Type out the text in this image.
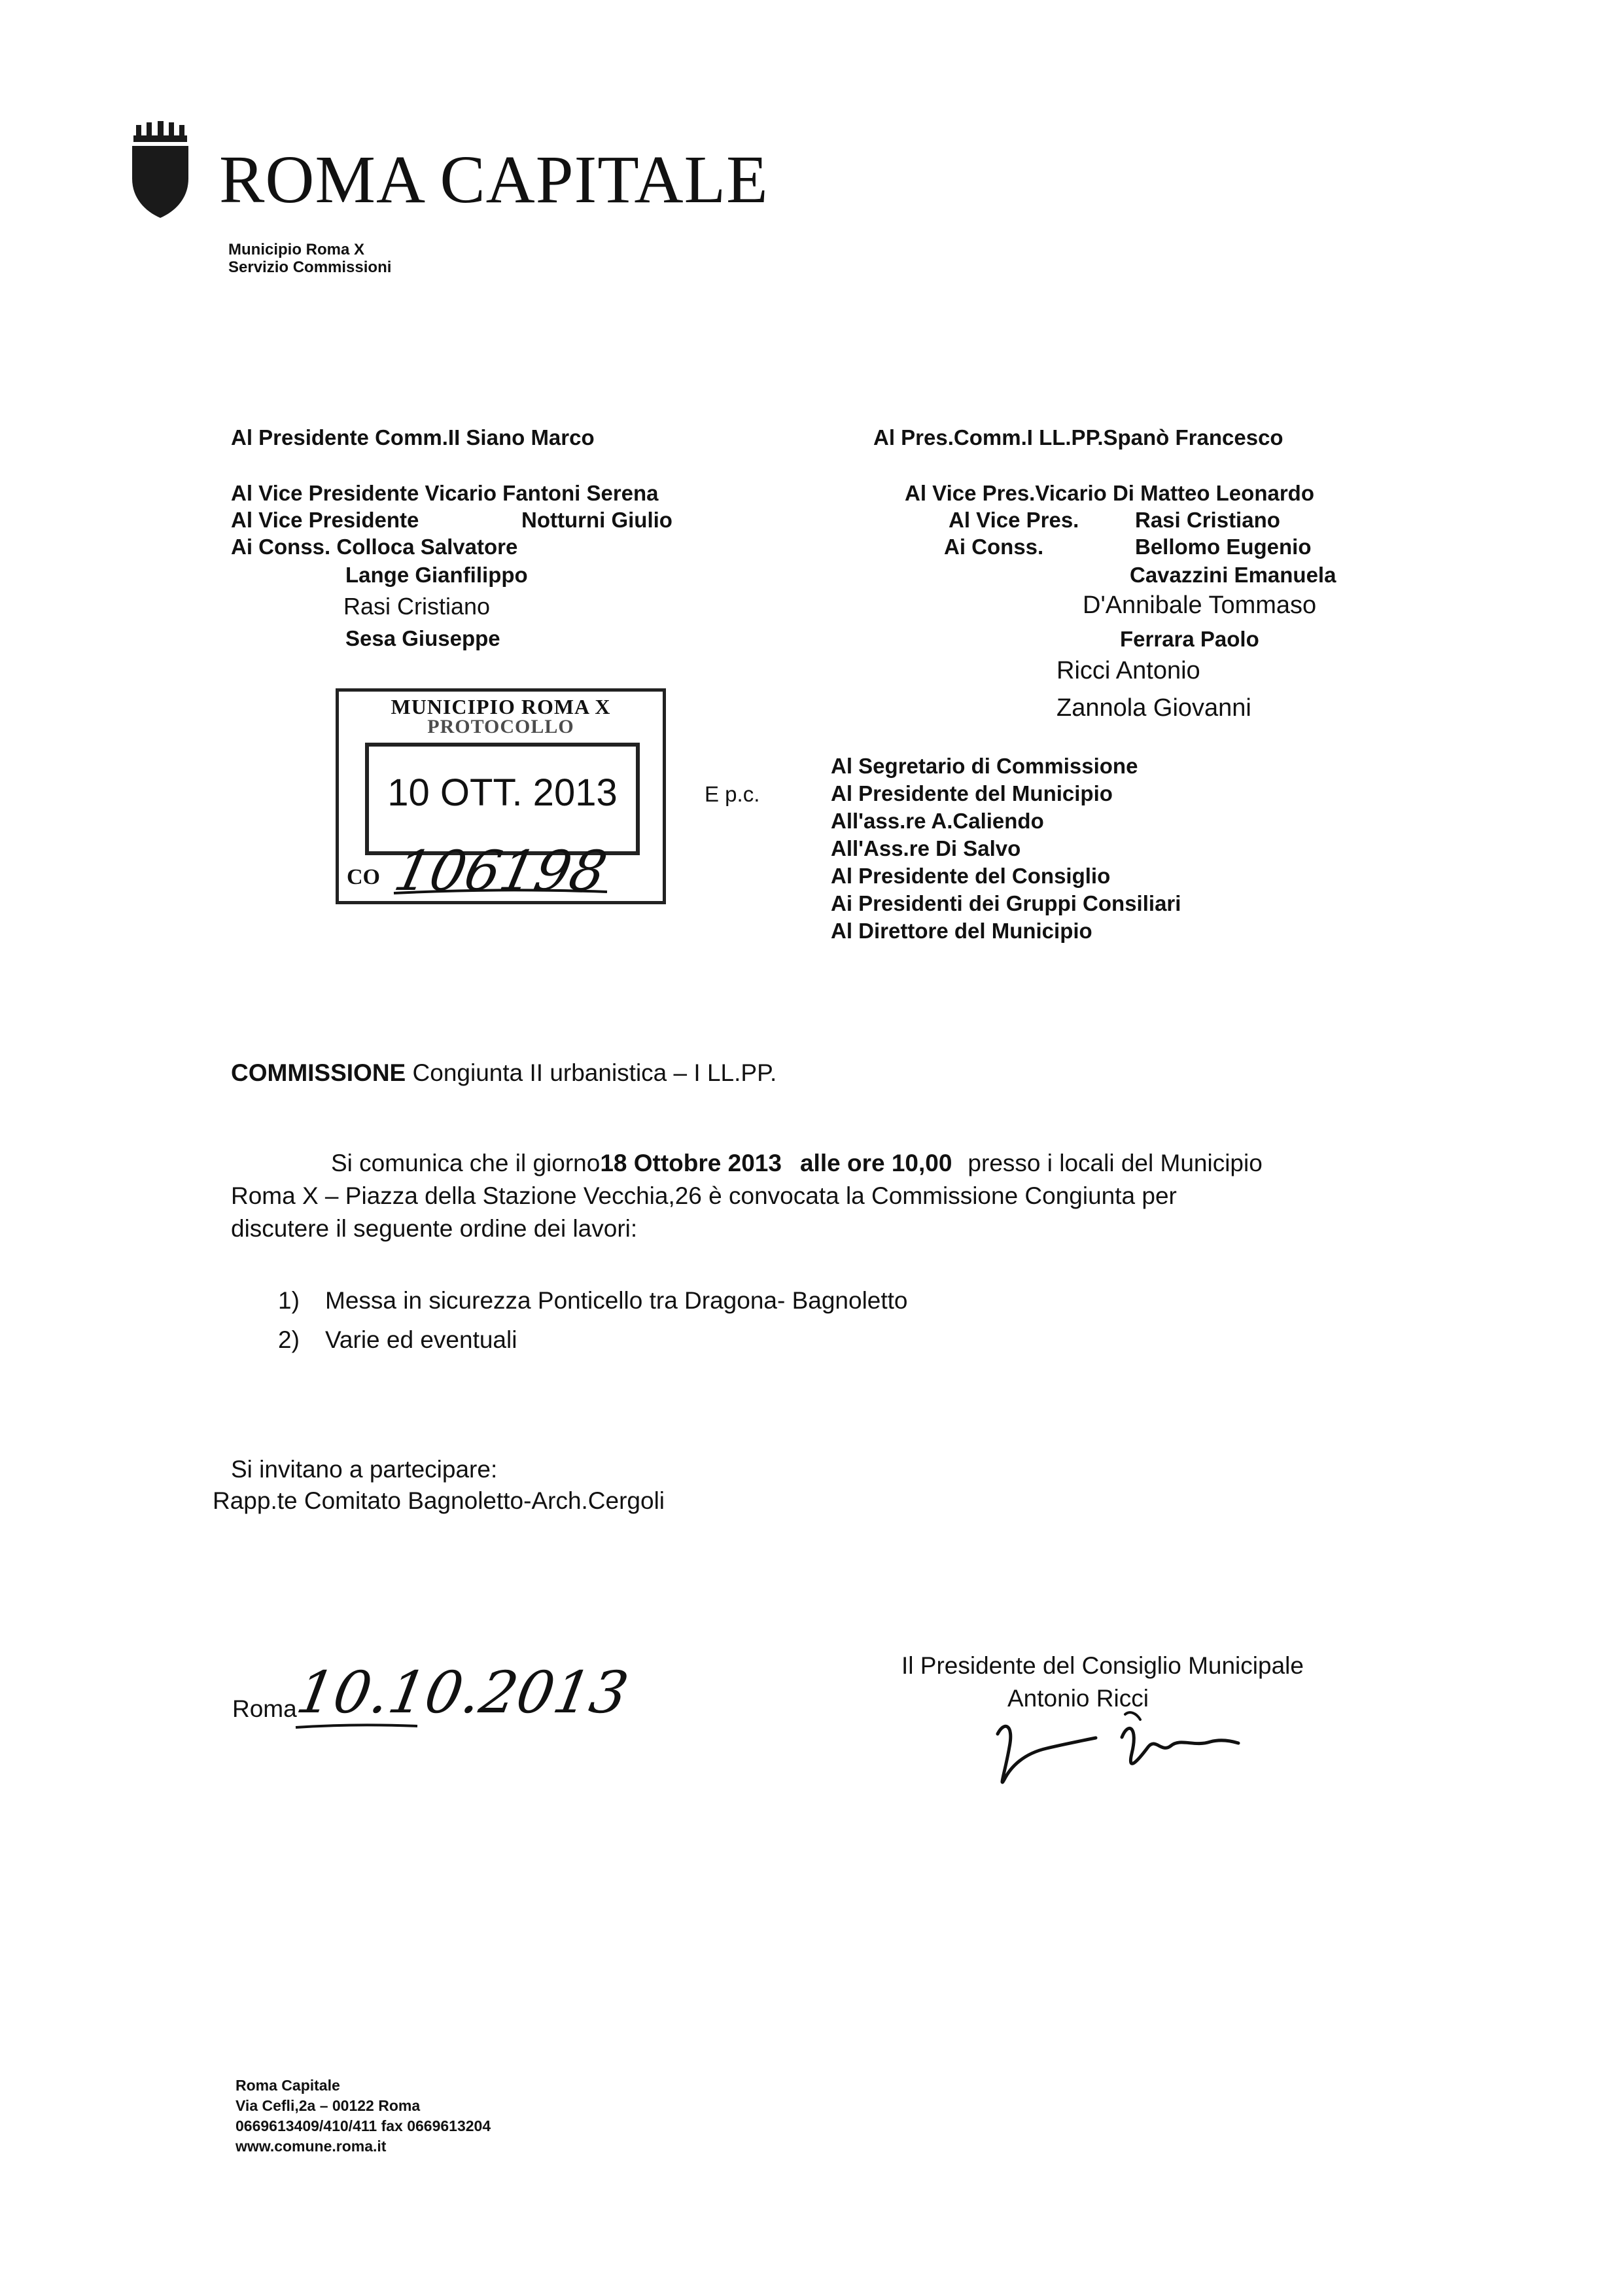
ROMA CAPITALE
Municipio Roma X
Servizio Commissioni
Al Presidente Comm.II Siano Marco
Al Vice Presidente Vicario Fantoni Serena
Al Vice Presidente	Notturni Giulio
Ai Conss. Colloca Salvatore
Lange Gianfilippo
Rasi Cristiano
Sesa Giuseppe
Al Pres.Comm.I LL.PP.Spanò Francesco
Al Vice Pres.Vicario Di Matteo Leonardo
Al Vice Pres.	Rasi Cristiano
Ai Conss.	Bellomo Eugenio
Cavazzini Emanuela
D'Annibale Tommaso
Ferrara Paolo
Ricci Antonio
Zannola Giovanni
MUNICIPIO ROMA X
PROTOCOLLO
10 OTT. 2013
CO 106198
E p.c.
Al Segretario di Commissione
Al Presidente del Municipio
All'ass.re A.Caliendo
All'Ass.re Di Salvo
Al Presidente del Consiglio
Ai Presidenti dei Gruppi Consiliari
Al Direttore del Municipio
COMMISSIONE Congiunta II urbanistica – I LL.PP.
Si comunica che il giorno 18 Ottobre 2013 alle ore 10,00 presso i locali del Municipio
Roma X – Piazza della Stazione Vecchia,26 è convocata la Commissione Congiunta per
discutere il seguente ordine dei lavori:
1) Messa in sicurezza Ponticello tra Dragona- Bagnoletto
2) Varie ed eventuali
Si invitano a partecipare:
Rapp.te Comitato Bagnoletto-Arch.Cergoli
Roma
10.10.2013	Il Presidente del Consiglio Municipale
Antonio Ricci
Roma Capitale
Via Cefli,2a – 00122 Roma
0669613409/410/411 fax 0669613204
www.comune.roma.it
